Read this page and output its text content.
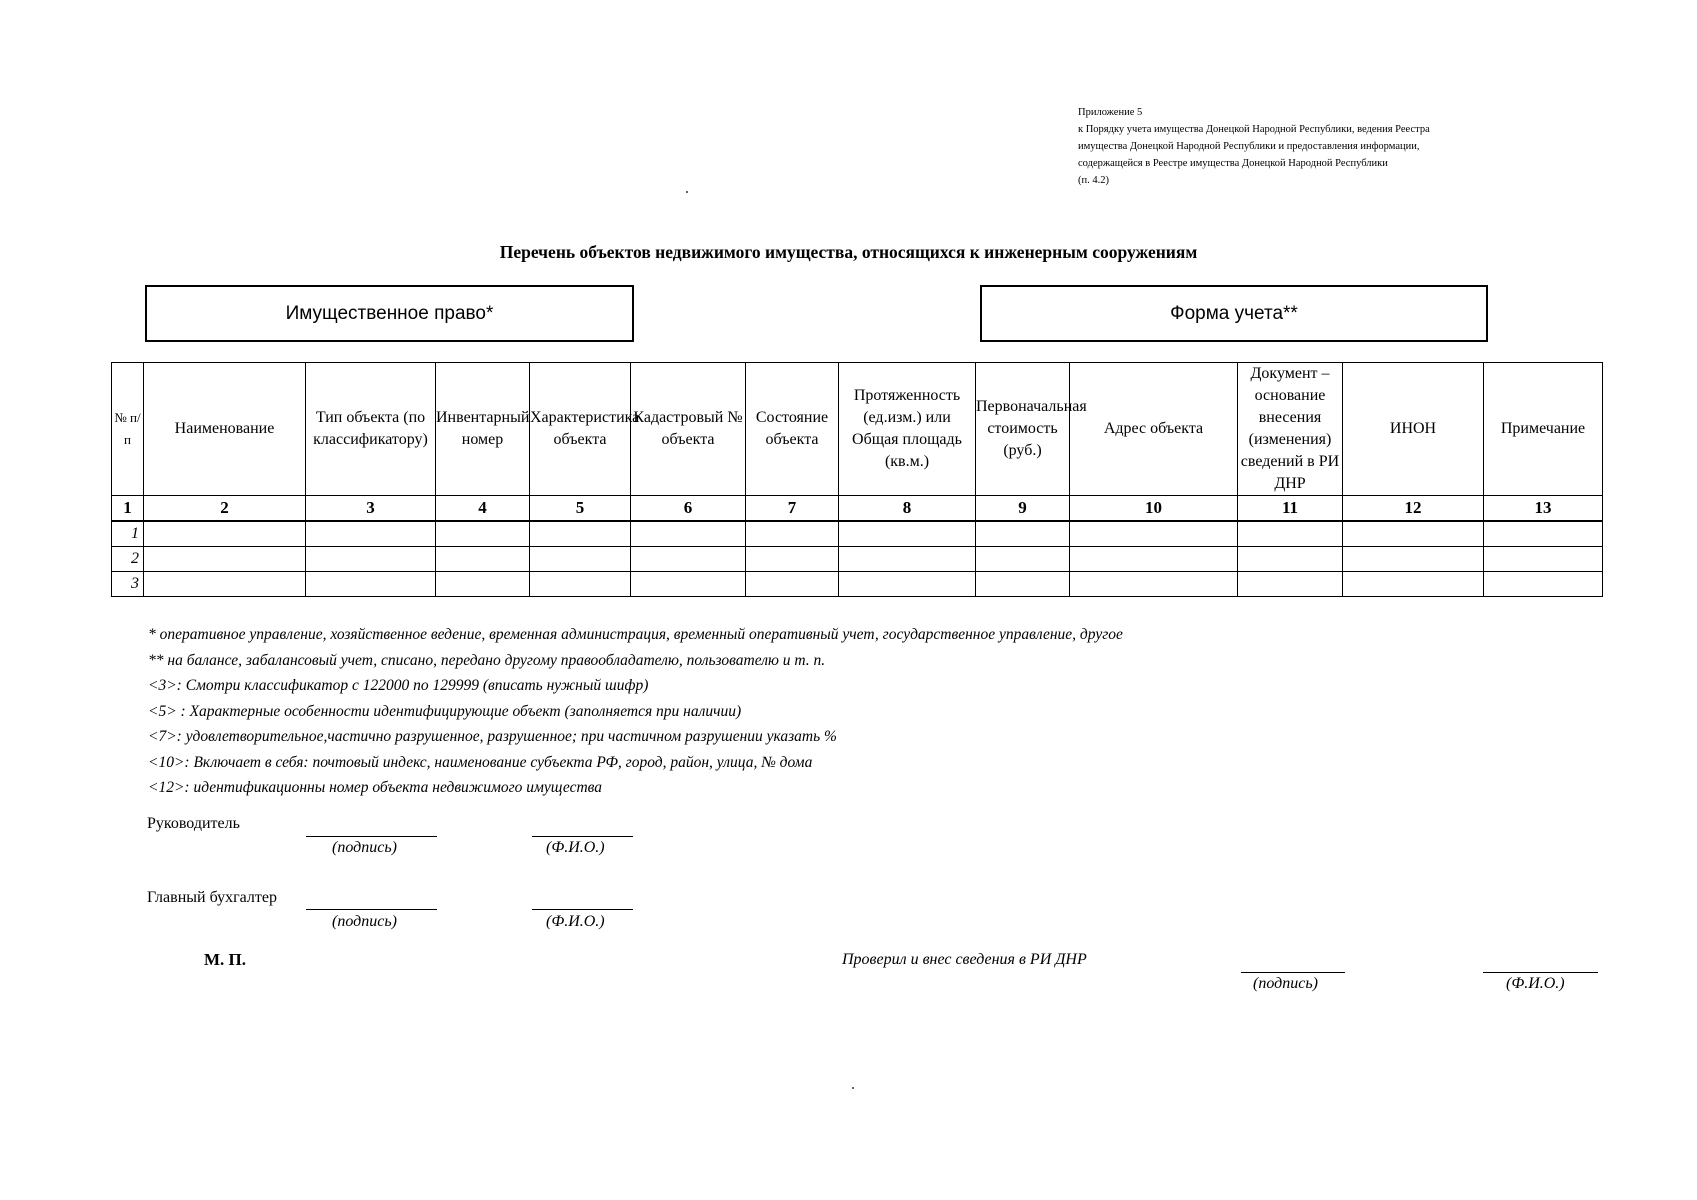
Приложение 5
к Порядку учета имущества Донецкой Народной Республики, ведения Реестра имущества Донецкой Народной Республики и предоставления информации, содержащейся в Реестре имущества Донецкой Народной Республики
(п. 4.2)
Перечень объектов недвижимого имущества, относящихся к инженерным сооружениям
Имущественное право*	Форма учета**
№ п/п	Наименование	Тип объекта (по классификатору)	Инвентарный номер	Характеристика объекта	Кадастровый № объекта	Состояние объекта	Протяженность (ед.изм.) или Общая площадь (кв.м.)	Первоначальная стоимость (руб.)	Адрес объекта	Документ – основание внесения (изменения) сведений в РИ ДНР	ИНОН	Примечание
1	2	3	4	5	6	7	8	9	10	11	12	13
1												
2												
3												
* оперативное управление, хозяйственное ведение, временная администрация, временный оперативный учет, государственное управление, другое
** на балансе, забалансовый учет, списано, передано другому правообладателю, пользователю и т. п.
<3>: Смотри классификатор с 122000 по 129999 (вписать нужный шифр)
<5> : Характерные особенности идентифицирующие объект (заполняется при наличии)
<7>: удовлетворительное,частично разрушенное, разрушенное; при частичном разрушении указать %
<10>: Включает в себя: почтовый индекс, наименование субъекта РФ, город, район, улица, № дома
<12>: идентификационны номер объекта недвижимого имущества
Руководитель
(подпись)	(Ф.И.О.)
Главный бухгалтер
(подпись)	(Ф.И.О.)
М. П.	Проверил и внес сведения в РИ ДНР
(подпись)	(Ф.И.О.)
